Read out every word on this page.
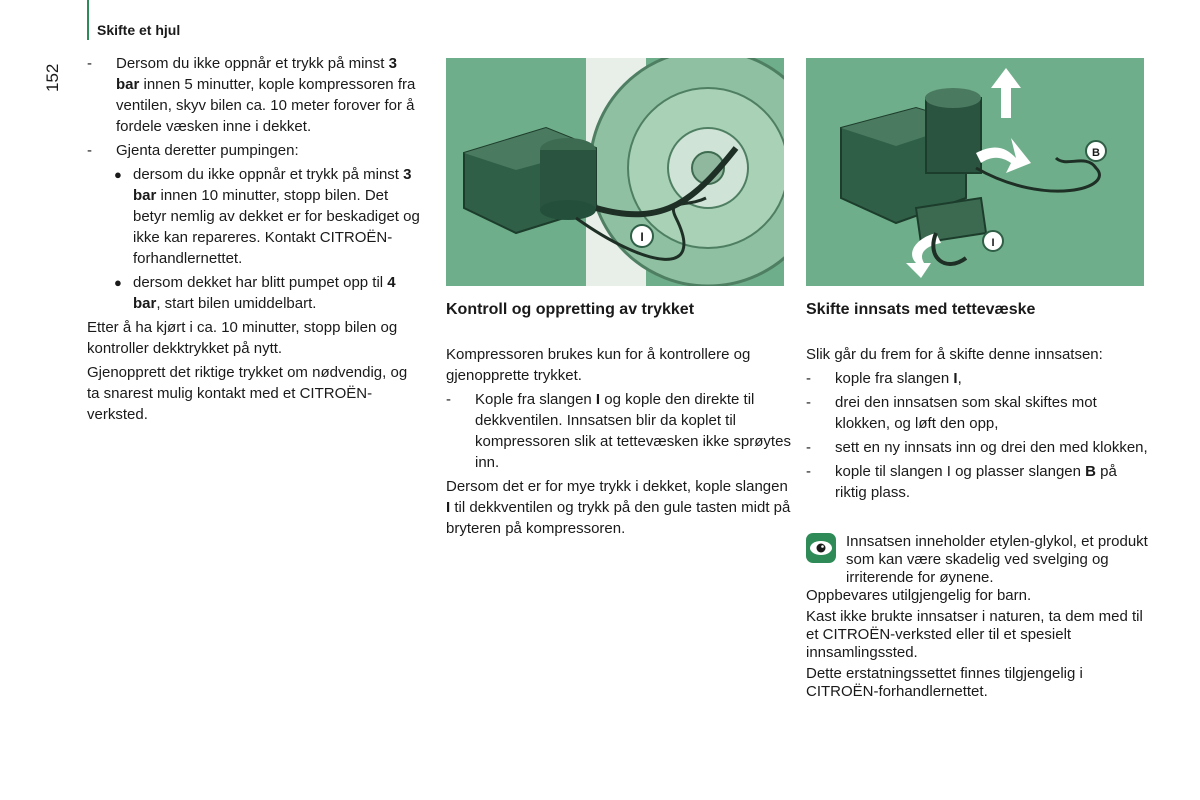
Skifte et hjul
152
- Dersom du ikke oppnår et trykk på minst 3 bar innen 5 minutter, kople kompressoren fra ventilen, skyv bilen ca. 10 meter forover for å fordele væsken inne i dekket.
- Gjenta deretter pumpingen:
● dersom du ikke oppnår et trykk på minst 3 bar innen 10 minutter, stopp bilen. Det betyr nemlig av dekket er for beskadiget og ikke kan repareres. Kontakt CITROËN-forhandlernettet.
● dersom dekket har blitt pumpet opp til 4 bar, start bilen umiddelbart.

Etter å ha kjørt i ca. 10 minutter, stopp bilen og kontroller dekktrykket på nytt.

Gjenopprett det riktige trykket om nødvendig, og ta snarest mulig kontakt med et CITROËN-verksted.

I
B
I
Kontroll og oppretting av trykket

Kompressoren brukes kun for å kontrollere og gjenopprette trykket.

- Kople fra slangen I og kople den direkte til dekkventilen. Innsatsen blir da koplet til kompressoren slik at tettevæsken ikke sprøytes inn.

Dersom det er for mye trykk i dekket, kople slangen I til dekkventilen og trykk på den gule tasten midt på bryteren på kompressoren.

Skifte innsats med tettevæske

Slik går du frem for å skifte denne innsatsen:

- kople fra slangen I,
- drei den innsatsen som skal skiftes mot klokken, og løft den opp,
- sett en ny innsats inn og drei den med klokken,
- kople til slangen I og plasser slangen B på riktig plass.
Innsatsen inneholder etylen-glykol, et produkt som kan være skadelig ved svelging og irriterende for øynene.

Oppbevares utilgjengelig for barn.

Kast ikke brukte innsatser i naturen, ta dem med til et CITROËN-verksted eller til et spesielt innsamlingssted.

Dette erstatningssettet finnes tilgjengelig i CITROËN-forhandlernettet.
